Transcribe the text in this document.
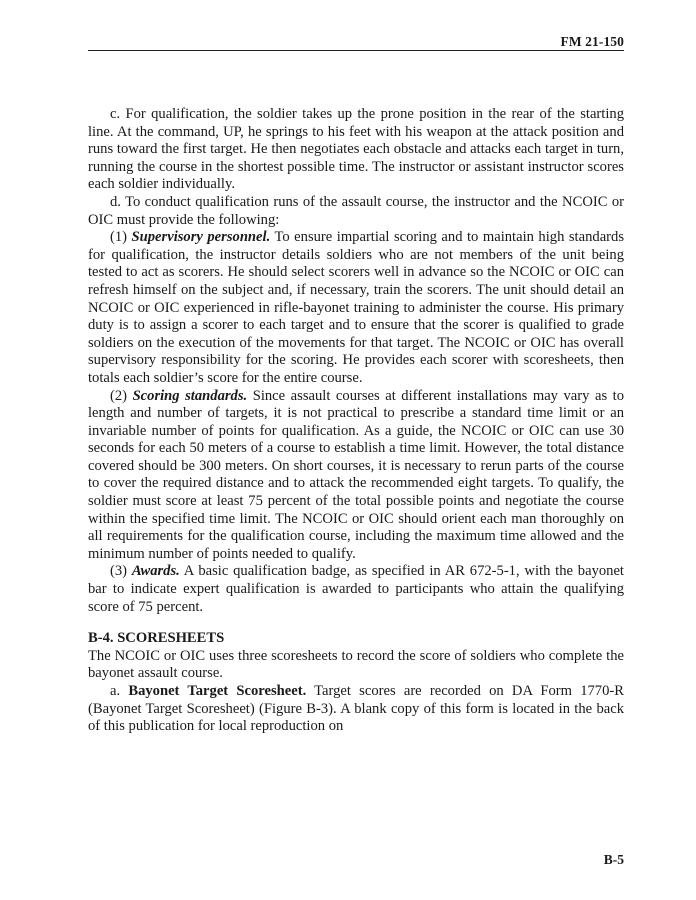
FM 21-150

c. For qualification, the soldier takes up the prone position in the rear of the starting line. At the command, UP, he springs to his feet with his weapon at the attack position and runs toward the first target. He then negotiates each obstacle and attacks each target in turn, running the course in the shortest possible time. The instructor or assistant instructor scores each soldier individually.

d. To conduct qualification runs of the assault course, the instructor and the NCOIC or OIC must provide the following:

(1) Supervisory personnel. To ensure impartial scoring and to maintain high standards for qualification, the instructor details soldiers who are not members of the unit being tested to act as scorers. He should select scorers well in advance so the NCOIC or OIC can refresh himself on the subject and, if necessary, train the scorers. The unit should detail an NCOIC or OIC experienced in rifle-bayonet training to administer the course. His primary duty is to assign a scorer to each target and to ensure that the scorer is qualified to grade soldiers on the execution of the movements for that target. The NCOIC or OIC has overall supervisory responsibility for the scoring. He provides each scorer with scoresheets, then totals each soldier’s score for the entire course.

(2) Scoring standards. Since assault courses at different installations may vary as to length and number of targets, it is not practical to prescribe a standard time limit or an invariable number of points for qualification. As a guide, the NCOIC or OIC can use 30 seconds for each 50 meters of a course to establish a time limit. However, the total distance covered should be 300 meters. On short courses, it is necessary to rerun parts of the course to cover the required distance and to attack the recommended eight targets. To qualify, the soldier must score at least 75 percent of the total possible points and negotiate the course within the specified time limit. The NCOIC or OIC should orient each man thoroughly on all requirements for the qualification course, including the maximum time allowed and the minimum number of points needed to qualify.

(3) Awards. A basic qualification badge, as specified in AR 672-5-1, with the bayonet bar to indicate expert qualification is awarded to participants who attain the qualifying score of 75 percent.

B-4. SCORESHEETS

The NCOIC or OIC uses three scoresheets to record the score of soldiers who complete the bayonet assault course.

a. Bayonet Target Scoresheet. Target scores are recorded on DA Form 1770-R (Bayonet Target Scoresheet) (Figure B-3). A blank copy of this form is located in the back of this publication for local reproduction on

B-5
